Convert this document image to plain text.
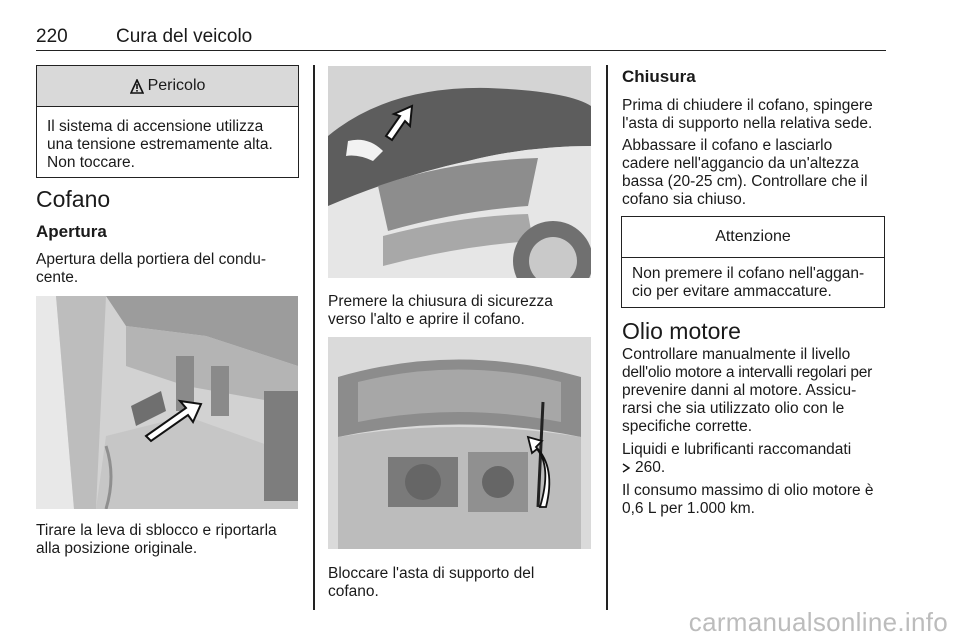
220	Cura del veicolo
Pericolo

Il sistema di accensione utilizza

una tensione estremamente alta.

Non toccare.

Cofano
Apertura

Apertura della portiera del condu-

cente.

Tirare la leva di sblocco e riportarla

alla posizione originale.

Premere la chiusura di sicurezza

verso l'alto e aprire il cofano.

Bloccare l'asta di supporto del

cofano.

Chiusura

Prima di chiudere il cofano, spingere

l'asta di supporto nella relativa sede.

Abbassare il cofano e lasciarlo

cadere nell'aggancio da un'altezza

bassa (20-25 cm). Controllare che il

cofano sia chiuso.

Attenzione

Non premere il cofano nell'aggan-

cio per evitare ammaccature.

Olio motore

Controllare manualmente il livello

dell'olio motore a intervalli regolari per

prevenire danni al motore. Assicu-

rarsi che sia utilizzato olio con le

specifiche corrette.

Liquidi e lubrificanti raccomandati

260.

Il consumo massimo di olio motore è

0,6 L per 1.000 km.

carmanualsonline.info
